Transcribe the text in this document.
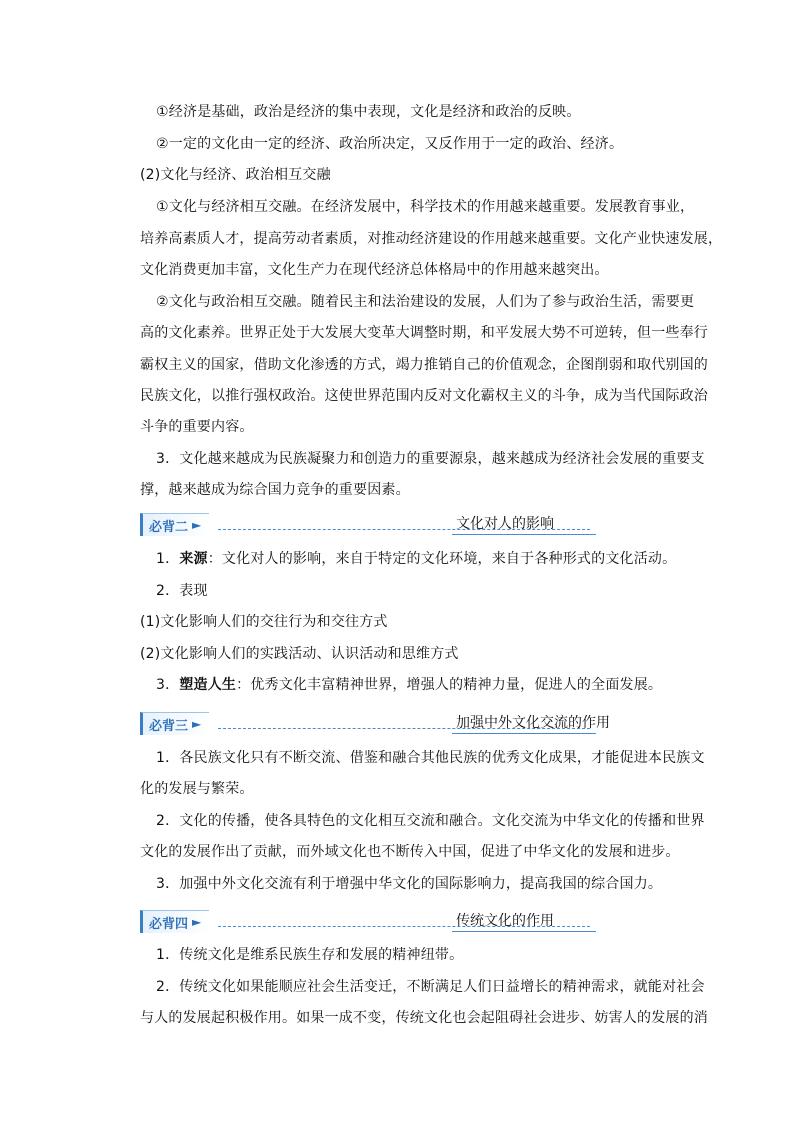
①经济是基础，政治是经济的集中表现，文化是经济和政治的反映。
②一定的文化由一定的经济、政治所决定，又反作用于一定的政治、经济。
(2)文化与经济、政治相互交融
①文化与经济相互交融。在经济发展中，科学技术的作用越来越重要。发展教育事业，
培养高素质人才，提高劳动者素质，对推动经济建设的作用越来越重要。文化产业快速发展，
文化消费更加丰富，文化生产力在现代经济总体格局中的作用越来越突出。
②文化与政治相互交融。随着民主和法治建设的发展，人们为了参与政治生活，需要更
高的文化素养。世界正处于大发展大变革大调整时期，和平发展大势不可逆转，但一些奉行
霸权主义的国家，借助文化渗透的方式，竭力推销自己的价值观念，企图削弱和取代别国的
民族文化，以推行强权政治。这使世界范围内反对文化霸权主义的斗争，成为当代国际政治
斗争的重要内容。
3．文化越来越成为民族凝聚力和创造力的重要源泉，越来越成为经济社会发展的重要支
撑，越来越成为综合国力竞争的重要因素。
必背二 ►	文化对人的影响
1．来源：文化对人的影响，来自于特定的文化环境，来自于各种形式的文化活动。
2．表现
(1)文化影响人们的交往行为和交往方式
(2)文化影响人们的实践活动、认识活动和思维方式
3．塑造人生：优秀文化丰富精神世界，增强人的精神力量，促进人的全面发展。
必背三 ►	加强中外文化交流的作用
1．各民族文化只有不断交流、借鉴和融合其他民族的优秀文化成果，才能促进本民族文
化的发展与繁荣。
2．文化的传播，使各具特色的文化相互交流和融合。文化交流为中华文化的传播和世界
文化的发展作出了贡献，而外域文化也不断传入中国，促进了中华文化的发展和进步。
3．加强中外文化交流有利于增强中华文化的国际影响力，提高我国的综合国力。
必背四 ►	传统文化的作用
1．传统文化是维系民族生存和发展的精神纽带。
2．传统文化如果能顺应社会生活变迁，不断满足人们日益增长的精神需求，就能对社会
与人的发展起积极作用。如果一成不变，传统文化也会起阻碍社会进步、妨害人的发展的消
